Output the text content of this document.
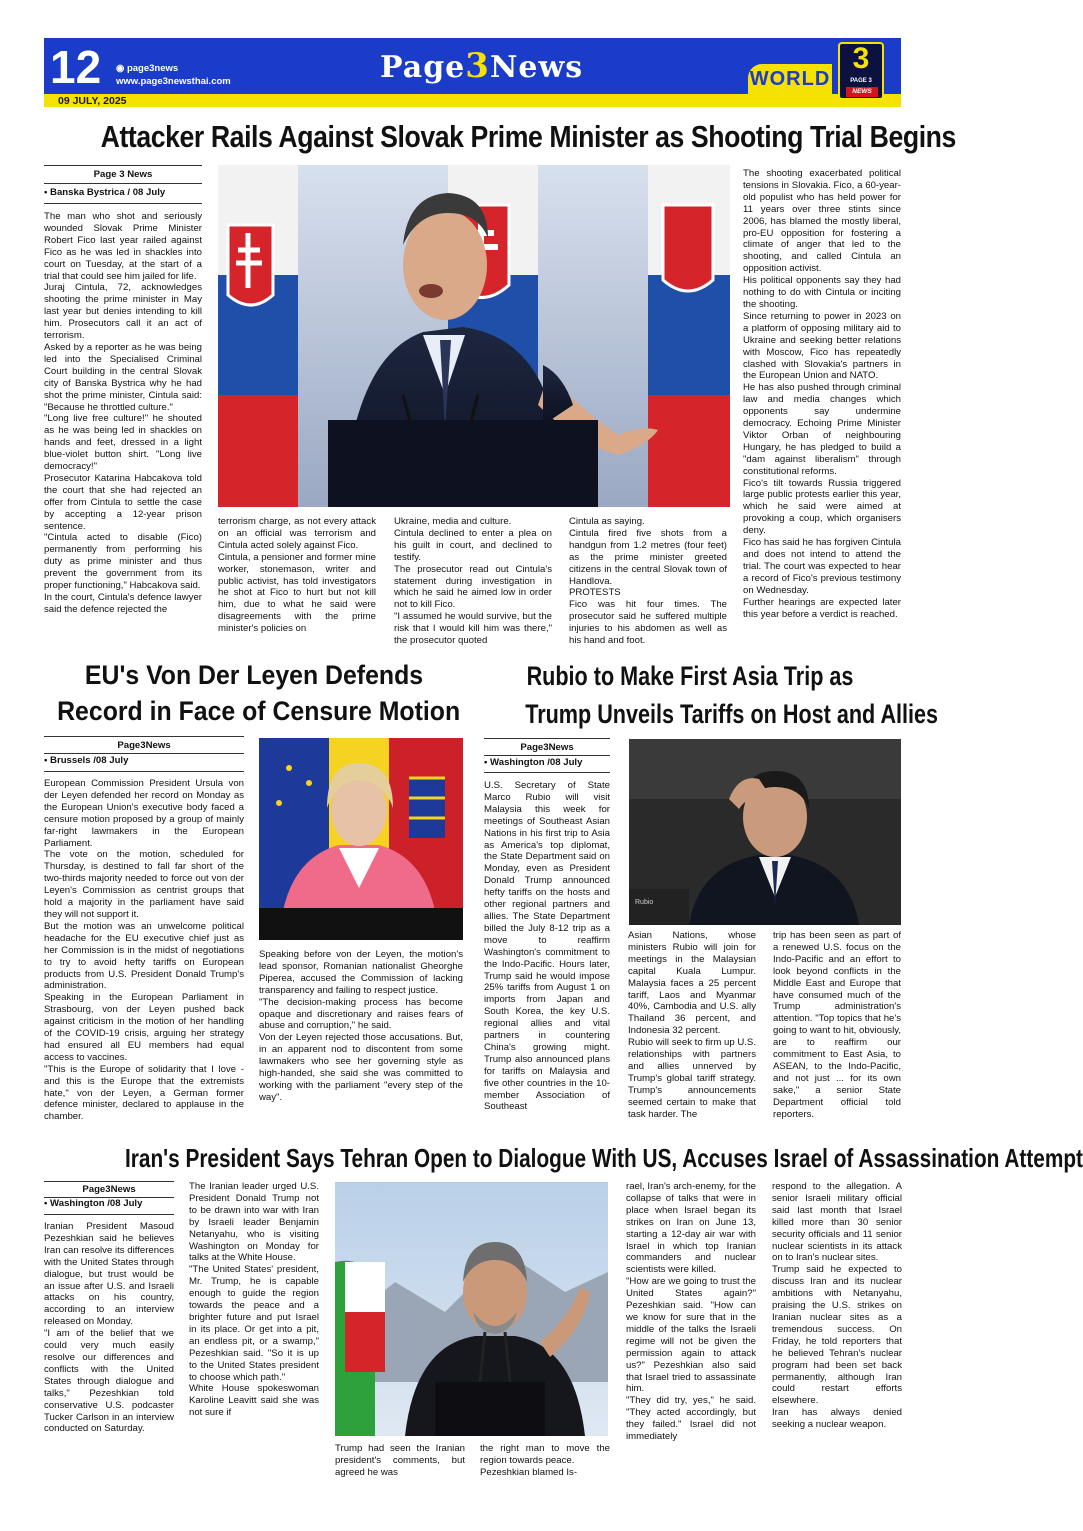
12 ◉ page3news
www.page3newsthai.com
09 JULY, 2025
Page3News	WORLD
3
PAGE 3
NEWS
Attacker Rails Against Slovak Prime Minister as Shooting Trial Begins
Page 3 News
• Banska Bystrica / 08 July
The man who shot and seriously wounded Slovak Prime Minister Robert Fico last year railed against Fico as he was led in shackles into court on Tuesday, at the start of a trial that could see him jailed for life.
Juraj Cintula, 72, acknowledges shooting the prime minister in May last year but denies intending to kill him. Prosecutors call it an act of terrorism.
Asked by a reporter as he was being led into the Specialised Criminal Court building in the central Slovak city of Banska Bystrica why he had shot the prime minister, Cintula said: "Because he throttled culture."
"Long live free culture!" he shouted as he was being led in shackles on hands and feet, dressed in a light blue-violet button shirt. "Long live democracy!"
Prosecutor Katarina Habcakova told the court that she had rejected an offer from Cintula to settle the case by accepting a 12-year prison sentence.
"Cintula acted to disable (Fico) permanently from performing his duty as prime minister and thus prevent the government from its proper functioning," Habcakova said.
In the court, Cintula's defence lawyer said the defence rejected the
terrorism charge, as not every attack on an official was terrorism and Cintula acted solely against Fico.
Cintula, a pensioner and former mine worker, stonemason, writer and public activist, has told investigators he shot at Fico to hurt but not kill him, due to what he said were disagreements with the prime minister's policies on
Ukraine, media and culture.
Cintula declined to enter a plea on his guilt in court, and declined to testify.
The prosecutor read out Cintula's statement during investigation in which he said he aimed low in order not to kill Fico.
"I assumed he would survive, but the risk that I would kill him was there," the prosecutor quoted
Cintula as saying.
Cintula fired five shots from a handgun from 1.2 metres (four feet) as the prime minister greeted citizens in the central Slovak town of Handlova.
PROTESTS
Fico was hit four times. The prosecutor said he suffered multiple injuries to his abdomen as well as his hand and foot.
The shooting exacerbated political tensions in Slovakia. Fico, a 60-year-old populist who has held power for 11 years over three stints since 2006, has blamed the mostly liberal, pro-EU opposition for fostering a climate of anger that led to the shooting, and called Cintula an opposition activist.
His political opponents say they had nothing to do with Cintula or inciting the shooting.
Since returning to power in 2023 on a platform of opposing military aid to Ukraine and seeking better relations with Moscow, Fico has repeatedly clashed with Slovakia's partners in the European Union and NATO.
He has also pushed through criminal law and media changes which opponents say undermine democracy. Echoing Prime Minister Viktor Orban of neighbouring Hungary, he has pledged to build a "dam against liberalism" through constitutional reforms.
Fico's tilt towards Russia triggered large public protests earlier this year, which he said were aimed at provoking a coup, which organisers deny.
Fico has said he has forgiven Cintula and does not intend to attend the trial. The court was expected to hear a record of Fico's previous testimony on Wednesday.
Further hearings are expected later this year before a verdict is reached.
EU's Von Der Leyen Defends
Record in Face of Censure Motion
Page3News
• Brussels /08 July
European Commission President Ursula von der Leyen defended her record on Monday as the European Union's executive body faced a censure motion proposed by a group of mainly far-right lawmakers in the European Parliament.
The vote on the motion, scheduled for Thursday, is destined to fall far short of the two-thirds majority needed to force out von der Leyen's Commission as centrist groups that hold a majority in the parliament have said they will not support it.
But the motion was an unwelcome political headache for the EU executive chief just as her Commission is in the midst of negotiations to try to avoid hefty tariffs on European products from U.S. President Donald Trump's administration.
Speaking in the European Parliament in Strasbourg, von der Leyen pushed back against criticism in the motion of her handling of the COVID-19 crisis, arguing her strategy had ensured all EU members had equal access to vaccines.
"This is the Europe of solidarity that I love - and this is the Europe that the extremists hate," von der Leyen, a German former defence minister, declared to applause in the chamber.
Speaking before von der Leyen, the motion's lead sponsor, Romanian nationalist Gheorghe Piperea, accused the Commission of lacking transparency and failing to respect justice.
"The decision-making process has become opaque and discretionary and raises fears of abuse and corruption," he said.
Von der Leyen rejected those accusations. But, in an apparent nod to discontent from some lawmakers who see her governing style as high-handed, she said she was committed to working with the parliament "every step of the way".
Rubio to Make First Asia Trip as
Trump Unveils Tariffs on Host and Allies
Page3News
• Washington /08 July
U.S. Secretary of State Marco Rubio will visit Malaysia this week for meetings of Southeast Asian Nations in his first trip to Asia as America's top diplomat, the State Department said on Monday, even as President Donald Trump announced hefty tariffs on the hosts and other regional partners and allies. The State Department billed the July 8-12 trip as a move to reaffirm Washington's commitment to the Indo-Pacific. Hours later, Trump said he would impose 25% tariffs from August 1 on imports from Japan and South Korea, the key U.S. regional allies and vital partners in countering China's growing might. Trump also announced plans for tariffs on Malaysia and five other countries in the 10-member Association of Southeast
Rubio
Asian Nations, whose ministers Rubio will join for meetings in the Malaysian capital Kuala Lumpur. Malaysia faces a 25 percent tariff, Laos and Myanmar 40%, Cambodia and U.S. ally Thailand 36 percent, and Indonesia 32 percent.
Rubio will seek to firm up U.S. relationships with partners and allies unnerved by Trump's global tariff strategy. Trump's announcements seemed certain to make that task harder. The
trip has been seen as part of a renewed U.S. focus on the Indo-Pacific and an effort to look beyond conflicts in the Middle East and Europe that have consumed much of the Trump administration's attention. "Top topics that he's going to want to hit, obviously, are to reaffirm our commitment to East Asia, to ASEAN, to the Indo-Pacific, and not just ... for its own sake," a senior State Department official told reporters.
Iran's President Says Tehran Open to Dialogue With US, Accuses Israel of Assassination Attempt
Page3News
• Washington /08 July
Iranian President Masoud Pezeshkian said he believes Iran can resolve its differences with the United States through dialogue, but trust would be an issue after U.S. and Israeli attacks on his country, according to an interview released on Monday.
"I am of the belief that we could very much easily resolve our differences and conflicts with the United States through dialogue and talks," Pezeshkian told conservative U.S. podcaster Tucker Carlson in an interview conducted on Saturday.
The Iranian leader urged U.S. President Donald Trump not to be drawn into war with Iran by Israeli leader Benjamin Netanyahu, who is visiting Washington on Monday for talks at the White House.
"The United States' president, Mr. Trump, he is capable enough to guide the region towards the peace and a brighter future and put Israel in its place. Or get into a pit, an endless pit, or a swamp," Pezeshkian said. "So it is up to the United States president to choose which path."
White House spokeswoman Karoline Leavitt said she was not sure if
Trump had seen the Iranian president's comments, but agreed he was
the right man to move the region towards peace.
Pezeshkian blamed Is-
rael, Iran's arch-enemy, for the collapse of talks that were in place when Israel began its strikes on Iran on June 13, starting a 12-day air war with Israel in which top Iranian commanders and nuclear scientists were killed.
"How are we going to trust the United States again?" Pezeshkian said. "How can we know for sure that in the middle of the talks the Israeli regime will not be given the permission again to attack us?" Pezeshkian also said that Israel tried to assassinate him.
"They did try, yes," he said. "They acted accordingly, but they failed." Israel did not immediately
respond to the allegation. A senior Israeli military official said last month that Israel killed more than 30 senior security officials and 11 senior nuclear scientists in its attack on to Iran's nuclear sites.
Trump said he expected to discuss Iran and its nuclear ambitions with Netanyahu, praising the U.S. strikes on Iranian nuclear sites as a tremendous success. On Friday, he told reporters that he believed Tehran's nuclear program had been set back permanently, although Iran could restart efforts elsewhere.
Iran has always denied seeking a nuclear weapon.
